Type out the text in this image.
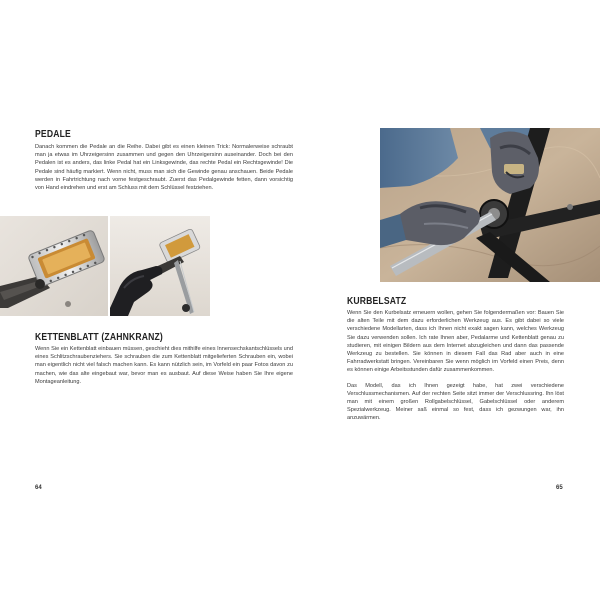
PEDALE
Danach kommen die Pedale an die Reihe. Dabei gibt es einen kleinen Trick: Normalerweise schraubt man ja etwas im Uhrzeigersinn zusammen und gegen den Uhrzeigersinn auseinander. Doch bei den Pedalen ist es anders, das linke Pedal hat ein Linksgewinde, das rechte Pedal ein Rechtsgewinde! Die Pedale sind häufig markiert. Wenn nicht, muss man sich die Gewinde genau anschauen. Beide Pedale werden in Fahrtrichtung nach vorne festgeschraubt. Zuerst das Pedalgewinde fetten, dann vorsichtig von Hand eindrehen und erst am Schluss mit dem Schlüssel festziehen.
KETTENBLATT (ZAHNKRANZ)
Wenn Sie ein Kettenblatt einbauen müssen, geschieht dies mithilfe eines Innensechskantschlüssels und eines Schlitzschraubenziehers. Sie schrauben die zum Kettenblatt mitgelieferten Schrauben ein, wobei man eigentlich nicht viel falsch machen kann. Es kann nützlich sein, im Vorfeld ein paar Fotos davon zu machen, wie das alte eingebaut war, bevor man es ausbaut. Auf diese Weise haben Sie Ihre eigene Montageanleitung.
64
KURBELSATZ

Wenn Sie den Kurbelsatz erneuern wollen, gehen Sie folgendermaßen vor: Bauen Sie die alten Teile mit dem dazu erforderlichen Werkzeug aus. Es gibt dabei so viele verschiedene Modellarten, dass ich Ihnen nicht exakt sagen kann, welches Werkzeug Sie dazu verwenden sollen. Ich rate Ihnen aber, Pedalarme und Kettenblatt genau zu studieren, mit einigen Bildern aus dem Internet abzugleichen und dann das passende Werkzeug zu bestellen. Sie können in diesem Fall das Rad aber auch in eine Fahrradwerkstatt bringen. Vereinbaren Sie wenn möglich im Vorfeld einen Preis, denn es können einige Arbeitsstunden dafür zusammenkommen.

Das Modell, das ich Ihnen gezeigt habe, hat zwei verschiedene Verschlussmechanismen. Auf der rechten Seite sitzt immer der Verschlussring. Ihn löst man mit einem großen Rollgabelschlüssel, Gabelschlüssel oder anderem Spezialwerkzeug. Meiner saß einmal so fest, dass ich gezwungen war, ihn anzuwärmen.

65
